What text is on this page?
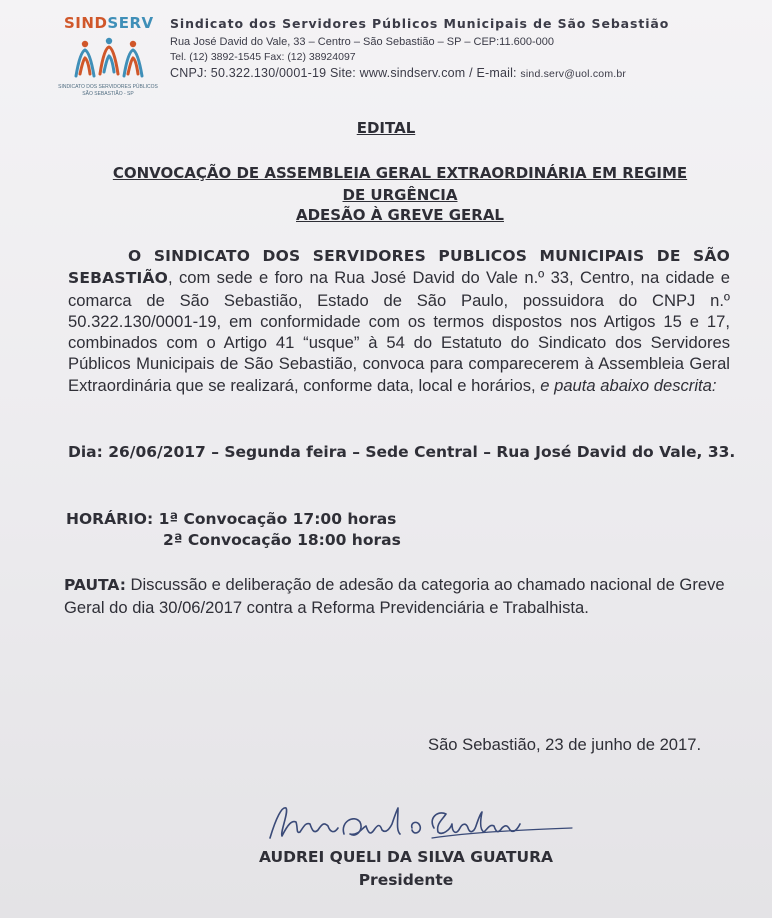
SINDSERV
SINDICATO DOS SERVIDORES PÚBLICOS
SÃO SEBASTIÃO - SP
Sindicato dos Servidores Públicos Municipais de São Sebastião
Rua José David do Vale, 33 – Centro – São Sebastião – SP – CEP:11.600-000
Tel. (12) 3892-1545 Fax: (12) 38924097
CNPJ: 50.322.130/0001-19 Site: www.sindserv.com / E-mail: sind.serv@uol.com.br
EDITAL
CONVOCAÇÃO DE ASSEMBLEIA GERAL EXTRAORDINÁRIA EM REGIME
DE URGÊNCIA
ADESÃO À GREVE GERAL
O SINDICATO DOS SERVIDORES PUBLICOS MUNICIPAIS DE SÃO SEBASTIÃO, com sede e foro na Rua José David do Vale n.º 33, Centro, na cidade e comarca de São Sebastião, Estado de São Paulo, possuidora do CNPJ n.º 50.322.130/0001-19, em conformidade com os termos dispostos nos Artigos 15 e 17, combinados com o Artigo 41 “usque” à 54 do Estatuto do Sindicato dos Servidores Públicos Municipais de São Sebastião, convoca para comparecerem à Assembleia Geral Extraordinária que se realizará, conforme data, local e horários, e pauta abaixo descrita:
Dia: 26/06/2017 – Segunda feira – Sede Central – Rua José David do Vale, 33.
HORÁRIO: 1ª Convocação 17:00 horas
2ª Convocação 18:00 horas
PAUTA: Discussão e deliberação de adesão da categoria ao chamado nacional de Greve Geral do dia 30/06/2017 contra a Reforma Previdenciária e Trabalhista.
São Sebastião, 23 de junho de 2017.
AUDREI QUELI DA SILVA GUATURA
Presidente
